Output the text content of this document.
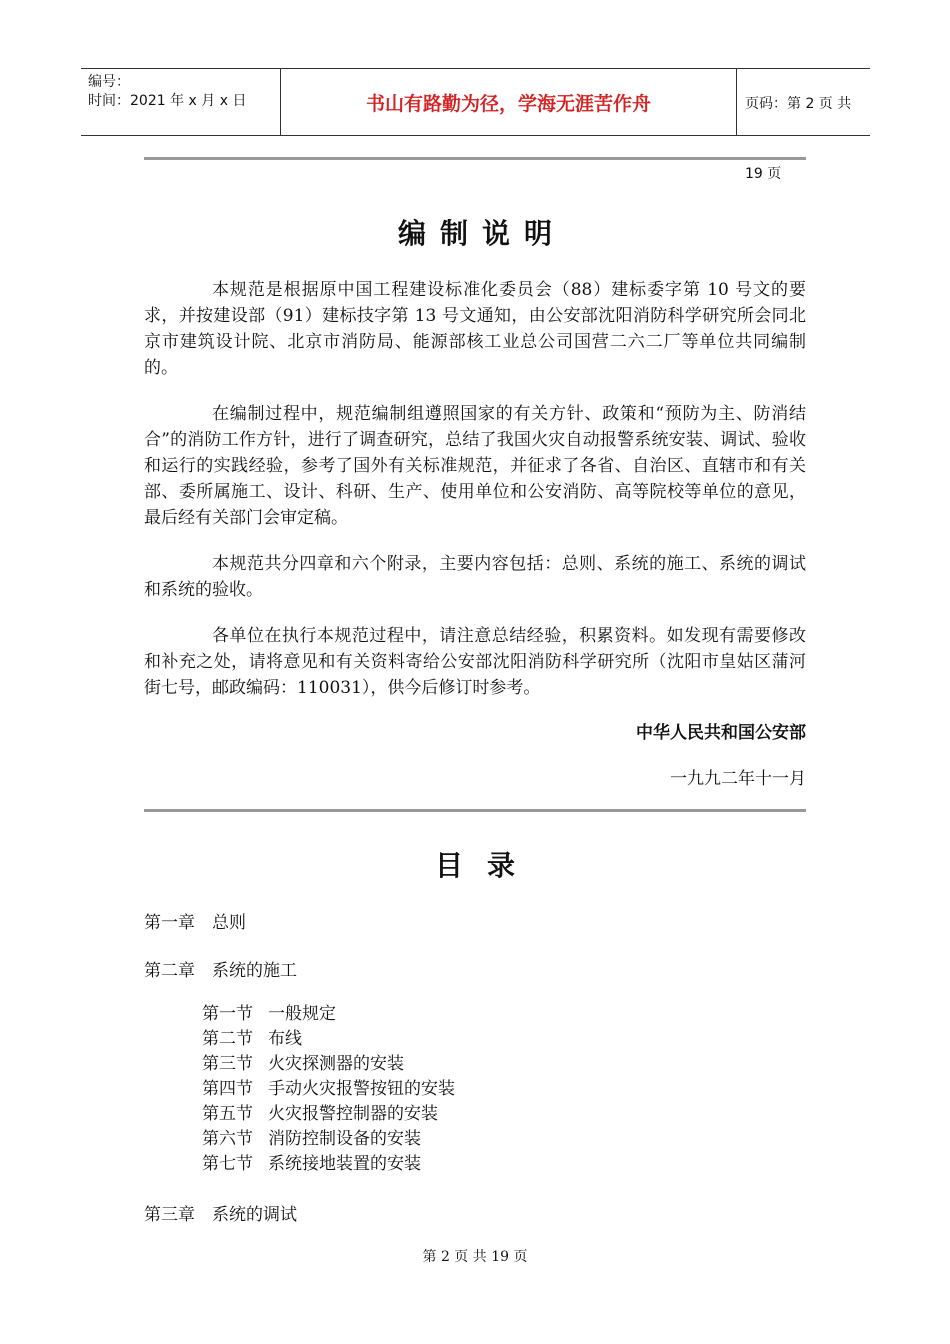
编号：
时间：2021 年 x 月 x 日	书山有路勤为径，学海无涯苦作舟	页码：第 2 页 共 19 页
编制说明

本规范是根据原中国工程建设标准化委员会（88）建标委字第 10 号文的要求，并按建设部（91）建标技字第 13 号文通知，由公安部沈阳消防科学研究所会同北京市建筑设计院、北京市消防局、能源部核工业总公司国营二六二厂等单位共同编制的。

在编制过程中，规范编制组遵照国家的有关方针、政策和“预防为主、防消结合”的消防工作方针，进行了调查研究，总结了我国火灾自动报警系统安装、调试、验收和运行的实践经验，参考了国外有关标准规范，并征求了各省、自治区、直辖市和有关部、委所属施工、设计、科研、生产、使用单位和公安消防、高等院校等单位的意见，最后经有关部门会审定稿。

本规范共分四章和六个附录，主要内容包括：总则、系统的施工、系统的调试和系统的验收。

各单位在执行本规范过程中，请注意总结经验，积累资料。如发现有需要修改和补充之处，请将意见和有关资料寄给公安部沈阳消防科学研究所（沈阳市皇姑区蒲河街七号，邮政编码：110031），供今后修订时参考。

中华人民共和国公安部
一九九二年十一月
目录
第一章 总则
第二章 系统的施工

第一节 一般规定

第二节 布线

第三节 火灾探测器的安装

第四节 手动火灾报警按钮的安装

第五节 火灾报警控制器的安装

第六节 消防控制设备的安装

第七节 系统接地装置的安装

第三章 系统的调试
第 2 页 共 19 页
